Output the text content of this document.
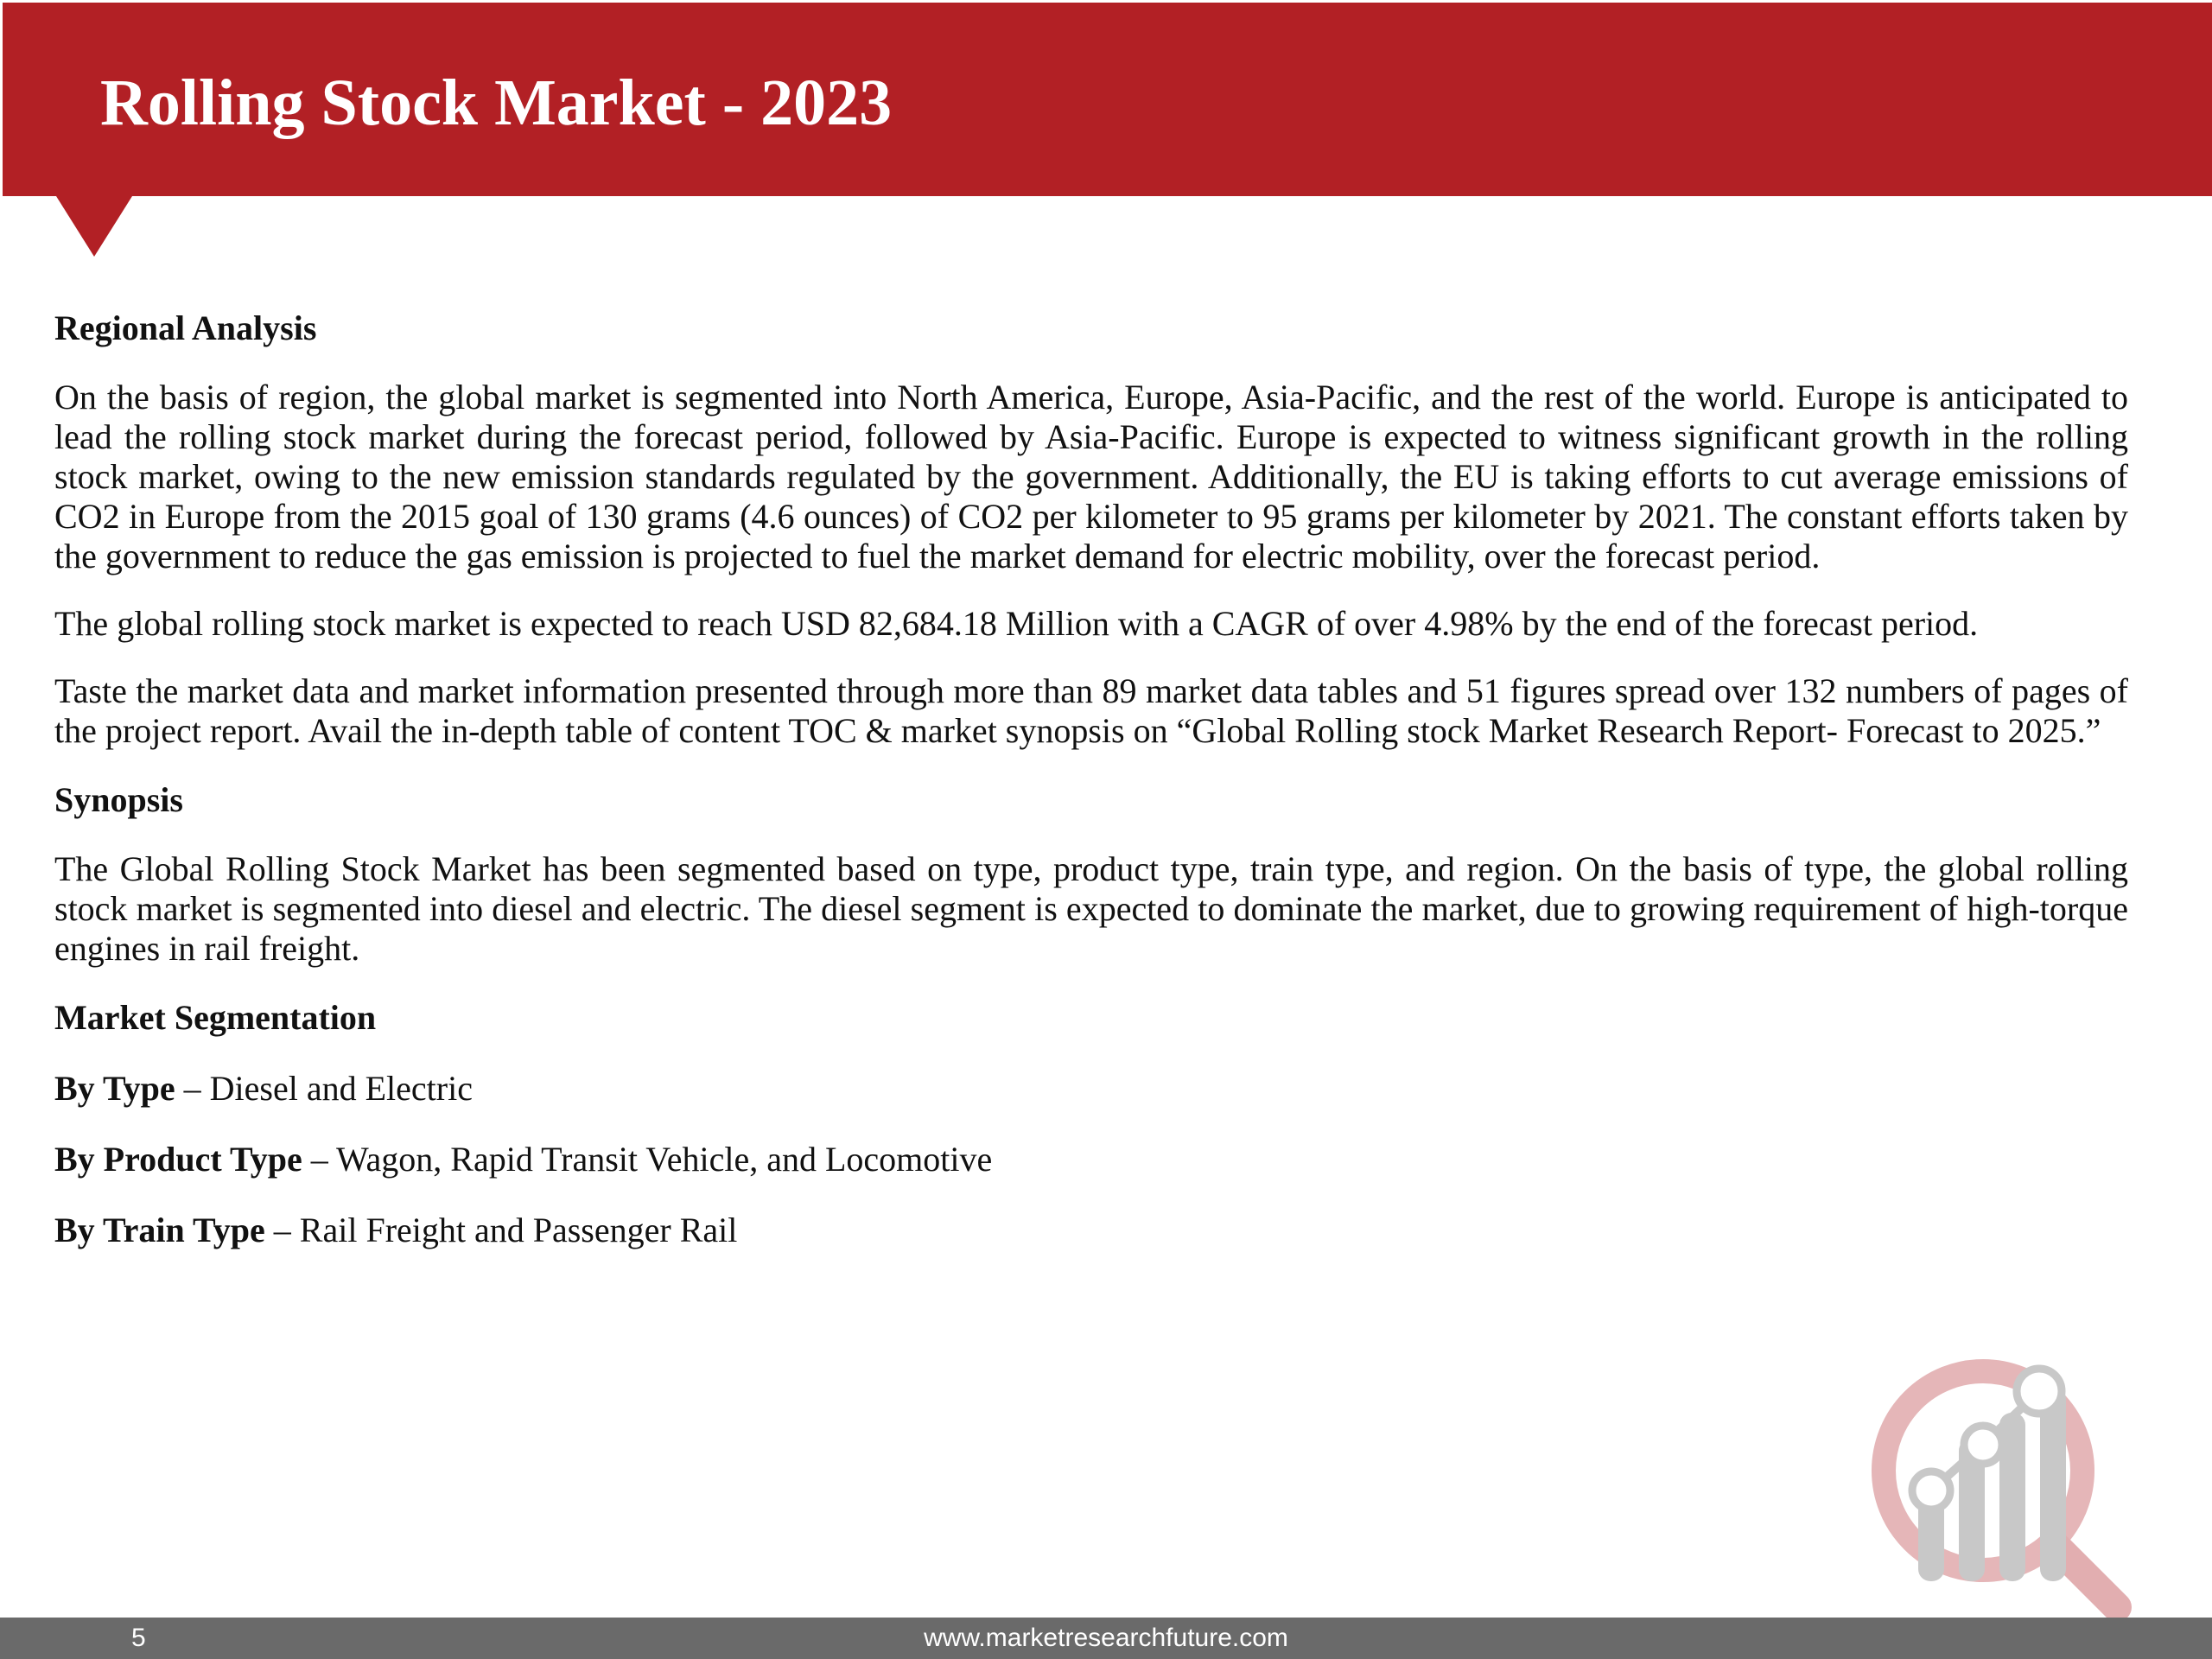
Rolling Stock Market - 2023
Regional Analysis

On the basis of region, the global market is segmented into North America, Europe, Asia-Pacific, and the rest of the world. Europe is anticipated to lead the rolling stock market during the forecast period, followed by Asia-Pacific. Europe is expected to witness significant growth in the rolling stock market, owing to the new emission standards regulated by the government. Additionally, the EU is taking efforts to cut average emissions of CO2 in Europe from the 2015 goal of 130 grams (4.6 ounces) of CO2 per kilometer to 95 grams per kilometer by 2021. The constant efforts taken by the government to reduce the gas emission is projected to fuel the market demand for electric mobility, over the forecast period.

The global rolling stock market is expected to reach USD 82,684.18 Million with a CAGR of over 4.98% by the end of the forecast period.

Taste the market data and market information presented through more than 89 market data tables and 51 figures spread over 132 numbers of pages of the project report. Avail the in-depth table of content TOC & market synopsis on “Global Rolling stock Market Research Report- Forecast to 2025.”

Synopsis

The Global Rolling Stock Market has been segmented based on type, product type, train type, and region. On the basis of type, the global rolling stock market is segmented into diesel and electric. The diesel segment is expected to dominate the market, due to growing requirement of high-torque engines in rail freight.

Market Segmentation

By Type – Diesel and Electric

By Product Type – Wagon, Rapid Transit Vehicle, and Locomotive

By Train Type – Rail Freight and Passenger Rail

5	www.marketresearchfuture.com
